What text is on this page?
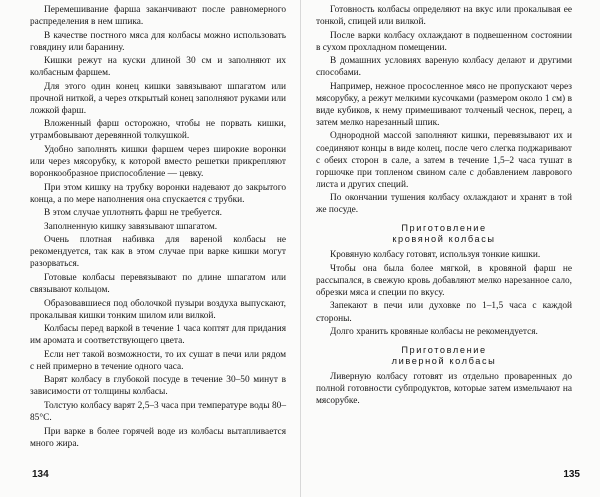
Перемешивание фарша заканчивают после равномерного распределения в нем шпика.

В качестве постного мяса для колбасы можно использовать говядину или баранину.

Кишки режут на куски длиной 30 см и заполняют их колбасным фаршем.

Для этого один конец кишки завязывают шпагатом или прочной ниткой, а через открытый конец заполняют руками или ложкой фарш.

Вложенный фарш осторожно, чтобы не порвать кишки, утрамбовывают деревянной толкушкой.

Удобно заполнять кишки фаршем через широкие воронки или через мясорубку, к которой вместо решетки прикрепляют воронкообразное приспособление — цевку.

При этом кишку на трубку воронки надевают до закрытого конца, а по мере наполнения она спускается с трубки.

В этом случае уплотнять фарш не требуется.

Заполненную кишку завязывают шпагатом.

Очень плотная набивка для вареной колбасы не рекомендуется, так как в этом случае при варке кишки могут разорваться.

Готовые колбасы перевязывают по длине шпагатом или связывают кольцом.

Образовавшиеся под оболочкой пузыри воздуха выпускают, прокалывая кишки тонким шилом или вилкой.

Колбасы перед варкой в течение 1 часа коптят для придания им аромата и соответствующего цвета.

Если нет такой возможности, то их сушат в печи или рядом с ней примерно в течение одного часа.

Варят колбасу в глубокой посуде в течение 30–50 минут в зависимости от толщины колбасы.

Толстую колбасу варят 2,5–3 часа при температуре воды 80–85°С.

При варке в более горячей воде из колбасы вытапливается много жира.

134

Готовность колбасы определяют на вкус или прокалывая ее тонкой, спицей или вилкой.

После варки колбасу охлаждают в подвешенном состоянии в сухом прохладном помещении.

В домашних условиях вареную колбасу делают и другими способами.

Например, нежное прососленное мясо не пропускают через мясорубку, а режут мелкими кусочками (размером около 1 см) в виде кубиков, к нему примешивают толченый чеснок, перец, а затем мелко нарезанный шпик.

Однородной массой заполняют кишки, перевязывают их и соединяют концы в виде колец, после чего слегка поджаривают с обеих сторон в сале, а затем в течение 1,5–2 часа тушат в горшочке при топленом свином сале с добавлением лаврового листа и других специй.

По окончании тушения колбасу охлаждают и хранят в той же посуде.

Приготовление
кровяной колбасы

Кровяную колбасу готовят, используя тонкие кишки.

Чтобы она была более мягкой, в кровяной фарш не рассыпался, в свежую кровь добавляют мелко нарезанное сало, обрезки мяса и специи по вкусу.

Запекают в печи или духовке по 1–1,5 часа с каждой стороны.

Долго хранить кровяные колбасы не рекомендуется.

Приготовление
ливерной колбасы

Ливерную колбасу готовят из отдельно проваренных до полной готовности субпродуктов, которые затем измельчают на мясорубке.

135
